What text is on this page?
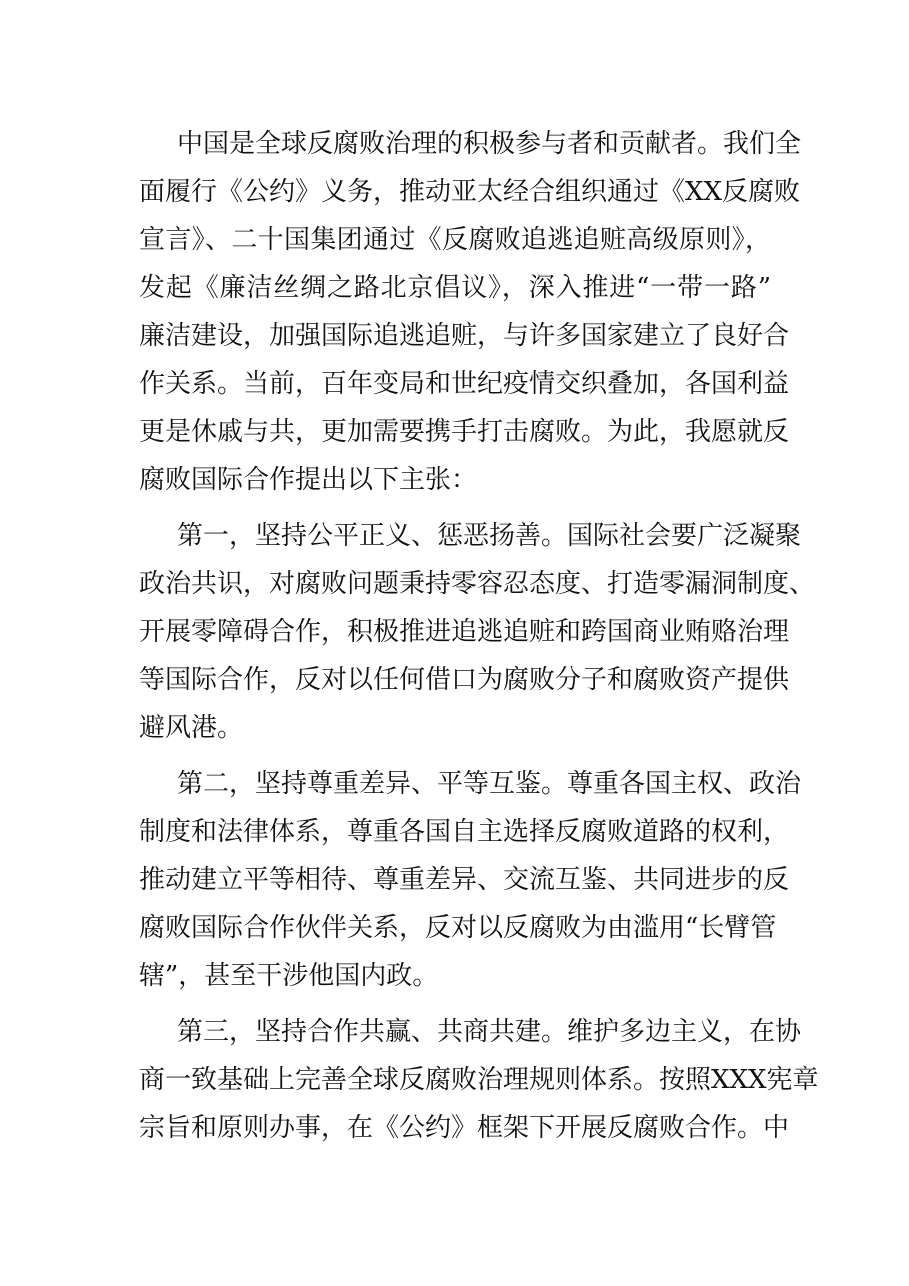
中国是全球反腐败治理的积极参与者和贡献者。我们全
面履行《公约》义务，推动亚太经合组织通过《XX反腐败
宣言》、二十国集团通过《反腐败追逃追赃高级原则》，
发起《廉洁丝绸之路北京倡议》，深入推进“一带一路”
廉洁建设，加强国际追逃追赃，与许多国家建立了良好合
作关系。当前，百年变局和世纪疫情交织叠加，各国利益
更是休戚与共，更加需要携手打击腐败。为此，我愿就反
腐败国际合作提出以下主张：

第一，坚持公平正义、惩恶扬善。国际社会要广泛凝聚
政治共识，对腐败问题秉持零容忍态度、打造零漏洞制度、
开展零障碍合作，积极推进追逃追赃和跨国商业贿赂治理
等国际合作，反对以任何借口为腐败分子和腐败资产提供
避风港。

第二，坚持尊重差异、平等互鉴。尊重各国主权、政治
制度和法律体系，尊重各国自主选择反腐败道路的权利，
推动建立平等相待、尊重差异、交流互鉴、共同进步的反
腐败国际合作伙伴关系，反对以反腐败为由滥用“长臂管
辖”，甚至干涉他国内政。

第三，坚持合作共赢、共商共建。维护多边主义，在协
商一致基础上完善全球反腐败治理规则体系。按照XXX宪章
宗旨和原则办事，在《公约》框架下开展反腐败合作。中
